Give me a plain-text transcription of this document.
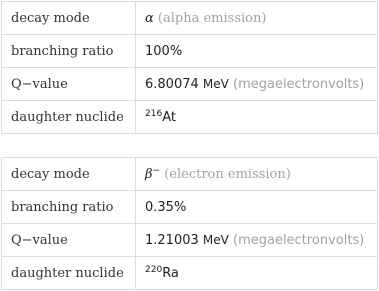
decay mode	α (alpha emission)
branching ratio	100%
Q−value	6.80074 MeV (megaelectronvolts)
daughter nuclide	$^{216}$At
decay mode	β− (electron emission)
branching ratio	0.35%
Q−value	1.21003 MeV (megaelectronvolts)
daughter nuclide	$^{220}$Ra
